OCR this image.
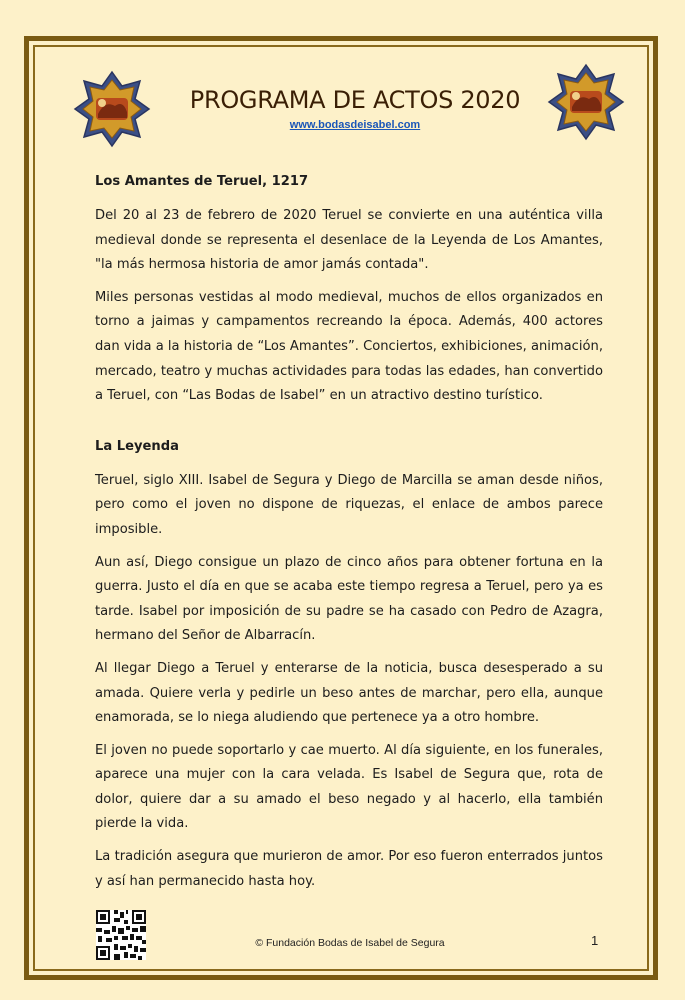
PROGRAMA DE ACTOS 2020
www.bodasdeisabel.com
Los Amantes de Teruel, 1217

Del 20 al 23 de febrero de 2020 Teruel se convierte en una auténtica villa medieval donde se representa el desenlace de la Leyenda de Los Amantes, "la más hermosa historia de amor jamás contada".

Miles personas vestidas al modo medieval, muchos de ellos organizados en torno a jaimas y campamentos recreando la época. Además, 400 actores dan vida a la historia de “Los Amantes”. Conciertos, exhibiciones, animación, mercado, teatro y muchas actividades para todas las edades, han convertido a Teruel, con “Las Bodas de Isabel” en un atractivo destino turístico.

La Leyenda

Teruel, siglo XIII. Isabel de Segura y Diego de Marcilla se aman desde niños, pero como el joven no dispone de riquezas, el enlace de ambos parece imposible.

Aun así, Diego consigue un plazo de cinco años para obtener fortuna en la guerra. Justo el día en que se acaba este tiempo regresa a Teruel, pero ya es tarde. Isabel por imposición de su padre se ha casado con Pedro de Azagra, hermano del Señor de Albarracín.

Al llegar Diego a Teruel y enterarse de la noticia, busca desesperado a su amada. Quiere verla y pedirle un beso antes de marchar, pero ella, aunque enamorada, se lo niega aludiendo que pertenece ya a otro hombre.

El joven no puede soportarlo y cae muerto. Al día siguiente, en los funerales, aparece una mujer con la cara velada. Es Isabel de Segura que, rota de dolor, quiere dar a su amado el beso negado y al hacerlo, ella también pierde la vida.

La tradición asegura que murieron de amor. Por eso fueron enterrados juntos y así han permanecido hasta hoy.

© Fundación Bodas de Isabel de Segura	1
